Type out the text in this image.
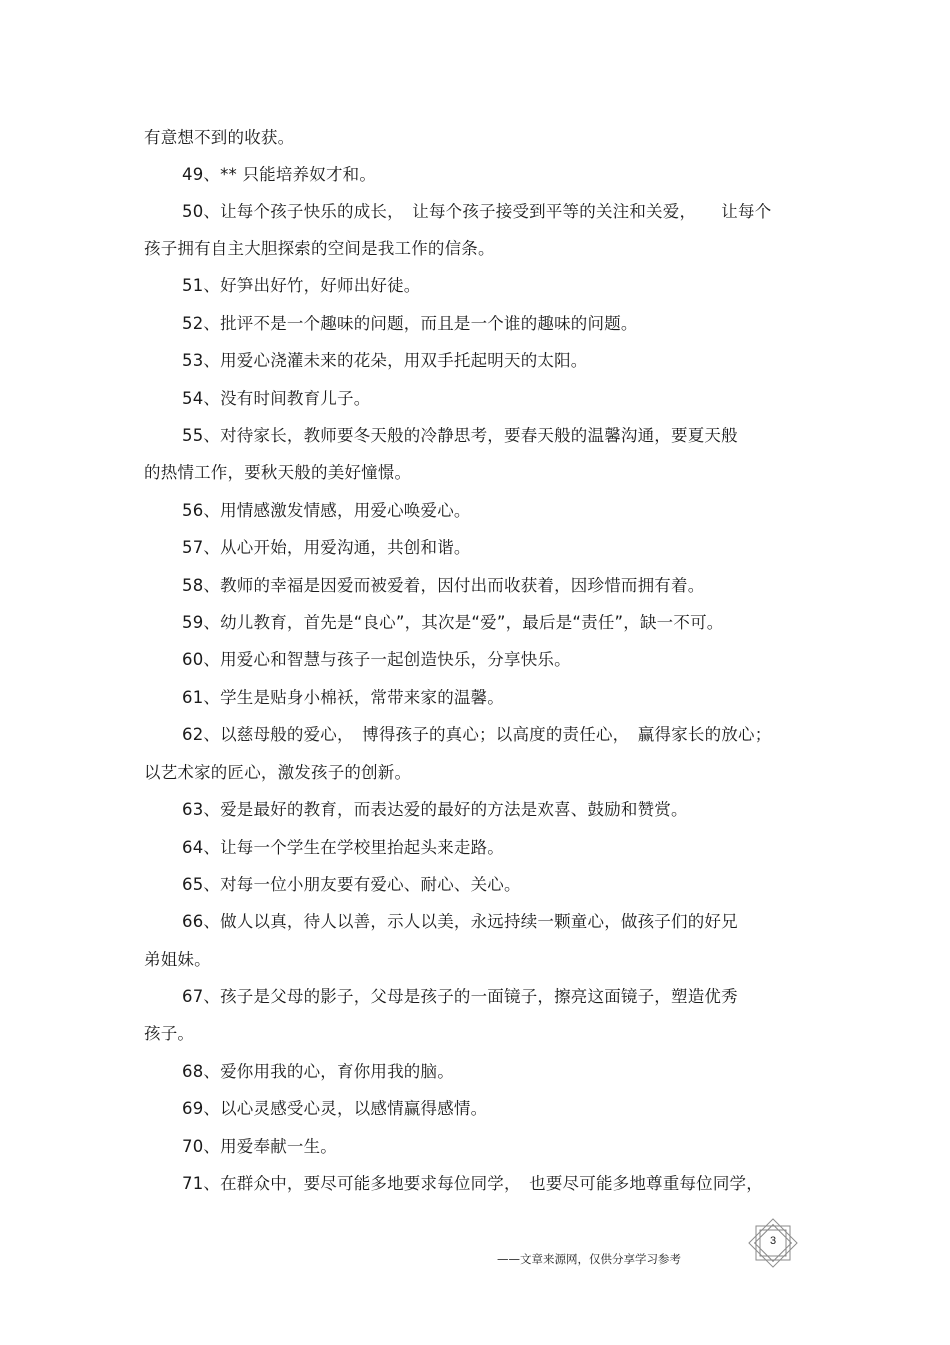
有意想不到的收获。
49、** 只能培养奴才和。
50、让每个孩子快乐的成长，　让每个孩子接受到平等的关注和关爱，　　让每个
孩子拥有自主大胆探索的空间是我工作的信条。
51、好笋出好竹，好师出好徒。
52、批评不是一个趣味的问题，而且是一个谁的趣味的问题。
53、用爱心浇灌未来的花朵，用双手托起明天的太阳。
54、没有时间教育儿子。
55、对待家长，教师要冬天般的冷静思考，要春天般的温馨沟通，要夏天般
的热情工作，要秋天般的美好憧憬。
56、用情感激发情感，用爱心唤爱心。
57、从心开始，用爱沟通，共创和谐。
58、教师的幸福是因爱而被爱着，因付出而收获着，因珍惜而拥有着。
59、幼儿教育，首先是“良心”，其次是“爱”，最后是“责任”，缺一不可。
60、用爱心和智慧与孩子一起创造快乐，分享快乐。
61、学生是贴身小棉袄，常带来家的温馨。
62、以慈母般的爱心，　博得孩子的真心；以高度的责任心，　赢得家长的放心；
以艺术家的匠心，激发孩子的创新。
63、爱是最好的教育，而表达爱的最好的方法是欢喜、鼓励和赞赏。
64、让每一个学生在学校里抬起头来走路。
65、对每一位小朋友要有爱心、耐心、关心。
66、做人以真，待人以善，示人以美，永远持续一颗童心，做孩子们的好兄
弟姐妹。
67、孩子是父母的影子，父母是孩子的一面镜子，擦亮这面镜子，塑造优秀
孩子。
68、爱你用我的心，育你用我的脑。
69、以心灵感受心灵，以感情赢得感情。
70、用爱奉献一生。
71、在群众中，要尽可能多地要求每位同学，　也要尽可能多地尊重每位同学，
3
——文章来源网，仅供分享学习参考
